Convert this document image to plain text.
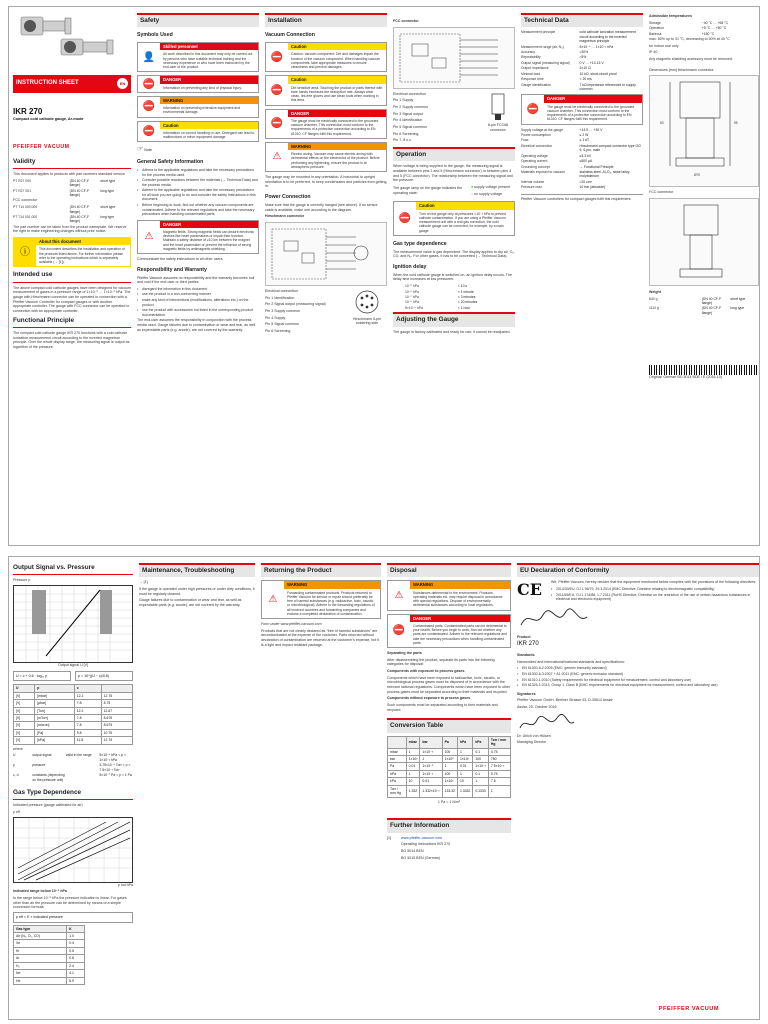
INSTRUCTION SHEET	EN
IKR 270
Compact cold cathode gauge, Ar-mode
PFEIFFER VACUUM
Validity
This document applies to products with part numbers standard version
PT R27 000	(DN 40 CF-F flange)
short type
PT R27 001	(DN 40 CF-F flange)
long type
FCC connector
PT T14 000 000	(DN 40 CF-F flange)
short type
PT T14 001 000	(DN 40 CF-F flange)
long type
The part number can be taken from the product nameplate. We reserve the right to make engineering changes without prior notice.
ⓘ
About this document
This document describes the installation and operation of the products listed above. For further information please refer to the operating instructions which is separately available (→ [1]).
Intended use
The above compact cold cathode gauges have been designed for vacuum measurement of gases in a pressure range of 1×10⁻⁹ … 1×10⁻² hPa. The gauge with Hirschmann connector can be operated in connection with a Pfeiffer Vacuum Controller for compact gauges or with another appropriate controller. The gauge with FCC connector can be operated in connection with an appropriate controller.
Functional Principle
The compact cold cathode gauge IKR 270 functions with a cold cathode ionization measurement circuit according to the inverted magnetron principle. Over the whole display range, the measuring signal is output as logarithm of the pressure.
Safety
Symbols Used
👤
Skilled personnel
All work described in this document may only be carried out by persons who have suitable technical training and the necessary experience or who have been instructed by the end-user of the product.
⛔	DANGER
Information on preventing any kind of physical injury.
⛔
WARNING
Information on preventing extensive equipment and environmental damage.
⛔
Caution
Information on correct handling or use. Disregard can lead to malfunctions or minor equipment damage.
☞ Note
General Safety Information
• Adhere to the applicable regulations and take the necessary precautions for the process media used.
• Consider possible reactions between the materials (→ Technical Data) and the process media.
• Adhere to the applicable regulations and take the necessary precautions for all work you are going to do and consider the safety instructions in this document.
• Before beginning to work, find out whether any vacuum components are contaminated. Adhere to the relevant regulations and take the necessary precautions when handling contaminated parts.
⚠
DANGER
Magnetic fields. Strong magnetic fields can disturb electronic devices like heart pacemakers or impair their function. Maintain a safety distance of ≥10 cm between the magnet and the heart pacemaker or prevent the influence of strong magnetic fields by antimagnetic shielding.
Communicate the safety instructions to all other users.
Responsibility and Warranty
Pfeiffer Vacuum assumes no responsibility and the warranty becomes null and void if the end-user or third parties
• disregard the information in this document
• use the product in a non-conforming manner
• make any kind of interventions (modifications, alterations etc.) on the product
• use the product with accessories not listed in the corresponding product documentation.
The end-user assumes the responsibility in conjunction with the process media used. Gauge failures due to contamination or wear and tear, as well as expendable parts (e.g. anode), are not covered by the warranty.
Installation
Vacuum Connection
⛔
Caution
Caution: vacuum component. Dirt and damages impair the function of the vacuum component. When handling vacuum components, take appropriate measures to ensure cleanliness and prevent damages.
⛔
Caution
Dirt sensitive area. Touching the product or parts thereof with bare hands increases the desorption rate. Always wear clean, lint-free gloves and use clean tools when working in this area.
⛔
DANGER
The gauge must be electrically connected to the grounded vacuum chamber. This connection must conform to the requirements of a protective connection according to EN 61010: CF flanges fulfil this requirement.
⚠
WARNING
Electric arcing. Vacuum may cause electric arcing with detrimental effects on the electronics of the product. Before performing any tightening, ensure the product is at atmospheric pressure.
The gauge may be mounted in any orientation. A horizontal to upright orientation is to be preferred, to keep condensates and particles from getting in.
Power Connection
Make sure that the gauge is correctly hanged (see above). If no sensor cable is available, make one according to the diagram.
Hirschmann connector
Electrical connection
Pin 1 Identification
Pin 2 Signal output (measuring signal)
Pin 3 Supply common
Pin 4 Supply
Pin 5 Signal common
Pin 6 Screening
Hirschmann 6-pin soldering side
FCC connector
Electrical connection
Pin 1 Supply
Pin 2 Supply common
Pin 3 Signal output
Pin 4 Identification
Pin 5 Signal common
Pin 6 Screening
Pin 7, 8 n.c.
8-pin FCC68 connector
Operation
When voltage is being supplied to the gauge, the measuring signal is available between pins 2 and 5 (Hirschmann connector) or between pins 3 and 5 (FCC connector). The relationship between the measuring signal and the pressure.
The gauge lamp on the gauge indicates the operating state:
● supply voltage present
○ no supply voltage
⛔
Caution
Turn on the gauge only at pressures <10⁻² hPa to prevent cathode contamination. If you are using a Pfeiffer Vacuum measurement unit with a real gas correction, the cold cathode gauge can be corrected, for example, by a main gauge.
Gas type dependence
The measurement value is gas dependent. The display applies to dry air, O₂, CO, and N₂. For other gases, it has to be converted (→ Technical Data).
Ignition delay
When the cold cathode gauge is switched on, an ignition delay occurs. The delay time increases at low pressures:
10⁻⁵ hPa	< 10 s
10⁻⁶ hPa	< 1 minute
10⁻⁷ hPa	< 3 minutes
10⁻⁸ hPa	< 20 minutes
5×10⁻⁹ hPa	< 1 hour
Adjusting the Gauge
The gauge is factory calibrated and ready for use; it cannot be readjusted.
Technical Data
Measurement principle	cold cathode ionization measurement circuit according to the inverted magnetron principle
Measurement range (air, N₂)	5×10⁻⁹ … 1×10⁻² hPa
Accuracy	≈30%
Repeatability	≈5%
Output signal (measuring signal)	0 V … +10.13 V
Output impedance	2×10 Ω
Minimal load	10 kΩ, short-circuit proof
Response time	< 20 ms
Gauge identification	7 kΩ impedance referenced to supply common
⛔
DANGER
The gauge must be electrically connected to the grounded vacuum chamber. This connection must conform to the requirements of a protective connection according to EN 61010: CF flanges fulfil this requirement.
Supply voltage at the gauge	+14.5 … +30 V
Power consumption	≤ 2 W
Fuse	≤ 1 AT
Electrical connection	Hirschmann compact connector type GO 6, 6-pin, male
Operating voltage	≤3.3 kV
Operating current	≤500 µA
Grounding concept	→ Functional Principle
Materials exposed to vacuum	stainless steel, Al₂O₃, nickel alloy, molybdenum
Internal volume	≈20 cm³
Pressure max.	10 bar (absolute)
Pfeiffer Vacuum controllers for compact gauges fulfil this requirement.
Admissible temperatures
Storage	−40 °C … +65 °C
Operation	+5 °C … +50 °C
Bakeout	+150 °C
max. 80% up to 31 °C, decreasing to 50% at 40 °C
for indoor use only
IP 40
Any magnetic shielding accessory must be removed.
Dimensions [mm] Hirschmann connector
95
63
Ø70
FCC connector
Weight
840 g	(DN 40 CF-F flange)
short type
1110 g	(DN 40 CF-F flange)
long type
Original: German BG 5014 BDE / E (2016-10)
Output Signal vs. Pressure
Pressure p
Output signal U [V]
U = c + 0.6 · log₁₀ p	p = 10^((U − c)/0.6)
U	p	c	
[V]	[mbar]	12.2	12.75
[V]	[µbar]	7.8	8.75
[V]	[Torr]	12.2	12.67
[V]	[mTorr]	7.8	8.675
[V]	[micron]	7.8	8.675
[V]	[Pa]	9.8	10.75
[V]	[kPa]	11.8	12.75
where
U	output signal	valid in the range	5×10⁻⁹ hPa < p < 1×10⁻² hPa
p	pressure	3.75×10⁻⁹ Torr < p < 7.5×10⁻³ Torr
c, d	constants (depending on the pressure unit)
5×10⁻⁷ Pa < p < 1 Pa
Gas Type Dependence
Indicated pressure (gauge calibrated for air)
p eff
p ind hPa
Indicated range below 10⁻⁵ hPa
In the range below 10⁻⁵ hPa the pressure indication is linear. For gases other than air the pressure can be determined by means of a simple conversion formula:
p eff = K × indicated pressure
Gas type	K
Air (N₂, O₂, CO)	1.0
Xe	0.4
Kr	0.5
Ar	0.8
H₂	2.4
Ne	4.1
He	5.9
Maintenance, Troubleshooting
→ [1]
If the gauge is operated under high pressures or under dirty conditions, it must be regularly cleaned.
Gauge failures due to contamination or wear and tear, as well as expendable parts (e.g. anode), are not covered by the warranty.
Returning the Product
⚠
WARNING
Forwarding contaminated products. Products returned to Pfeiffer Vacuum for service or repair should preferably be free of harmful substances (e.g. radioactive, toxic, caustic or microbiological). Adhere to the forwarding regulations of all involved countries and forwarding companies and enclose a completed declaration of contamination.
Form under www.pfeiffer-vacuum.com
Products that are not clearly declared as "free of harmful substances" are decontaminated at the expense of the customer. Parts returned without declaration of contamination are returned at the customer's expense, but it is a light and impact resistant package.
Disposal
⚠
WARNING
Substances detrimental to the environment. Products, operating materials etc. may require disposal in accordance with special regulations. Dispose of environmentally detrimental substances according to local regulations.
⛔
DANGER
Contaminated parts. Contaminated parts can be detrimental to your health. Before you begin to work, find out whether any parts are contaminated. Adhere to the relevant regulations and take the necessary precautions when handling contaminated parts.
Separating the parts
After disassembling the product, separate its parts into the following categories for disposal:
Components with exposure to process gases
Components which have been exposed to radioactive, toxic, caustic, or microbiological process gases must be disposed of in accordance with the relevant national regulations. Components which have been exposed to other process gases must be separated according to their materials and recycled.
Components without exposure to process gases
Such components must be separated according to their materials and recycled.
Conversion Table
	mbar	bar	Pa	hPa	kPa	Torr / mm Hg
mbar	1	1×10⁻³	100	1	0.1	0.75
bar	1×10³	1	1×10⁵	1×10³	100	750
Pa	0.01	1×10⁻⁵	1	0.01	1×10⁻³	7.5×10⁻³
hPa	1	1×10⁻³	100	1	0.1	0.75
kPa	10	0.01	1×10³	10	1	7.5
Torr / mm Hg	1.332	1.332×10⁻³	133.32	1.3332	0.1333	1
1 Pa = 1 N/m²
Further Information
[1]	www.pfeiffer-vacuum.com
Operating Instructions IKR 270
BG 5014 BEN
BG 5015 BEN (German)
EU Declaration of Conformity
CE	We, Pfeiffer Vacuum, hereby declare that the equipment mentioned below complies with the provisions of the following directives:
• 2014/30/EU, OJ L 96/79, 29.3.2014 (EMC Directive; Directive relating to electromagnetic compatibility)
• 2011/65/EU, OJ L 174/88, 1.7.2011 (RoHS Directive; Directive on the restriction of the use of certain hazardous substances in electrical and electronic equipment)
Product
IKR 270
Standards
Harmonized and international/national standards and specifications:
• EN 61000-6-2:2005 (EMC: generic immunity standard)
• EN 61000-6-3:2007 + A1:2011 (EMC: generic emission standard)
• EN 61010-1:2010 (Safety requirements for electrical equipment for measurement, control and laboratory use)
• EN 61326-1:2013, Group 1, Class B (EMC requirements for electrical equipment for measurement, control and laboratory use)
Signatures
Pfeiffer Vacuum GmbH, Berliner Strasse 43, D-35614 Asslar
Asslar, 25. October 2016
Dr. Ulrich von Hülsen
Managing Director
PFEIFFER VACUUM
